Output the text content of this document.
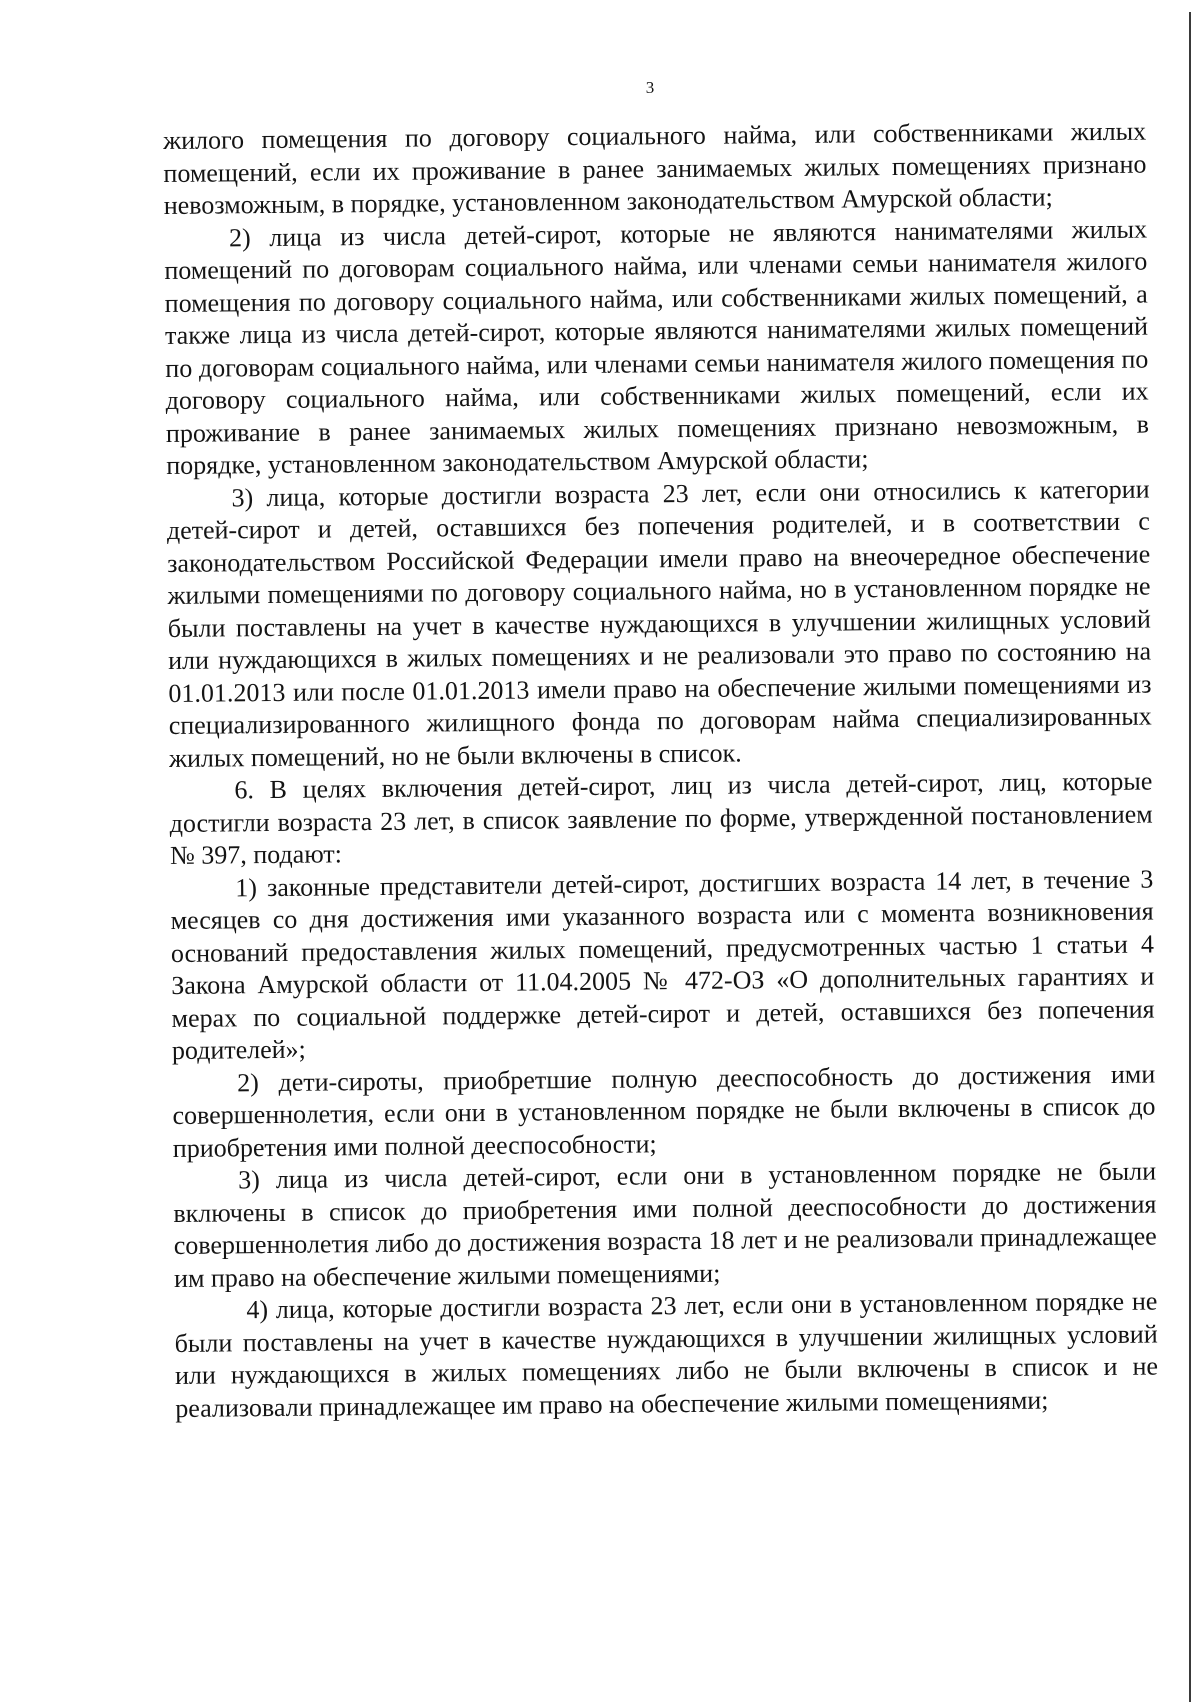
3

жилого помещения по договору социального найма, или собственниками жилых помещений, если их проживание в ранее занимаемых жилых помещениях признано невозможным, в порядке, установленном законодательством Амурской области;

2) лица из числа детей-сирот, которые не являются нанимателями жилых помещений по договорам социального найма, или членами семьи нанимателя жилого помещения по договору социального найма, или собственниками жилых помещений, а также лица из числа детей-сирот, которые являются нанимателями жилых помещений по договорам социального найма, или членами семьи нанимателя жилого помещения по договору социального найма, или собственниками жилых помещений, если их проживание в ранее занимаемых жилых помещениях признано невозможным, в порядке, установленном законодательством Амурской области;

3) лица, которые достигли возраста 23 лет, если они относились к категории детей-сирот и детей, оставшихся без попечения родителей, и в соответствии с законодательством Российской Федерации имели право на внеочередное обеспечение жилыми помещениями по договору социального найма, но в установленном порядке не были поставлены на учет в качестве нуждающихся в улучшении жилищных условий или нуждающихся в жилых помещениях и не реализовали это право по состоянию на 01.01.2013 или после 01.01.2013 имели право на обеспечение жилыми помещениями из специализированного жилищного фонда по договорам найма специализированных жилых помещений, но не были включены в список.

6. В целях включения детей-сирот, лиц из числа детей-сирот, лиц, которые достигли возраста 23 лет, в список заявление по форме, утвержденной постановлением № 397, подают:

1) законные представители детей-сирот, достигших возраста 14 лет, в течение 3 месяцев со дня достижения ими указанного возраста или с момента возникновения оснований предоставления жилых помещений, предусмотренных частью 1 статьи 4 Закона Амурской области от 11.04.2005 № 472-ОЗ «О дополнительных гарантиях и мерах по социальной поддержке детей-сирот и детей, оставшихся без попечения родителей»;

2) дети-сироты, приобретшие полную дееспособность до достижения ими совершеннолетия, если они в установленном порядке не были включены в список до приобретения ими полной дееспособности;

3) лица из числа детей-сирот, если они в установленном порядке не были включены в список до приобретения ими полной дееспособности до достижения совершеннолетия либо до достижения возраста 18 лет и не реализовали принадлежащее им право на обеспечение жилыми помещениями;

4) лица, которые достигли возраста 23 лет, если они в установленном порядке не были поставлены на учет в качестве нуждающихся в улучшении жилищных условий или нуждающихся в жилых помещениях либо не были включены в список и не реализовали принадлежащее им право на обеспечение жилыми помещениями;
